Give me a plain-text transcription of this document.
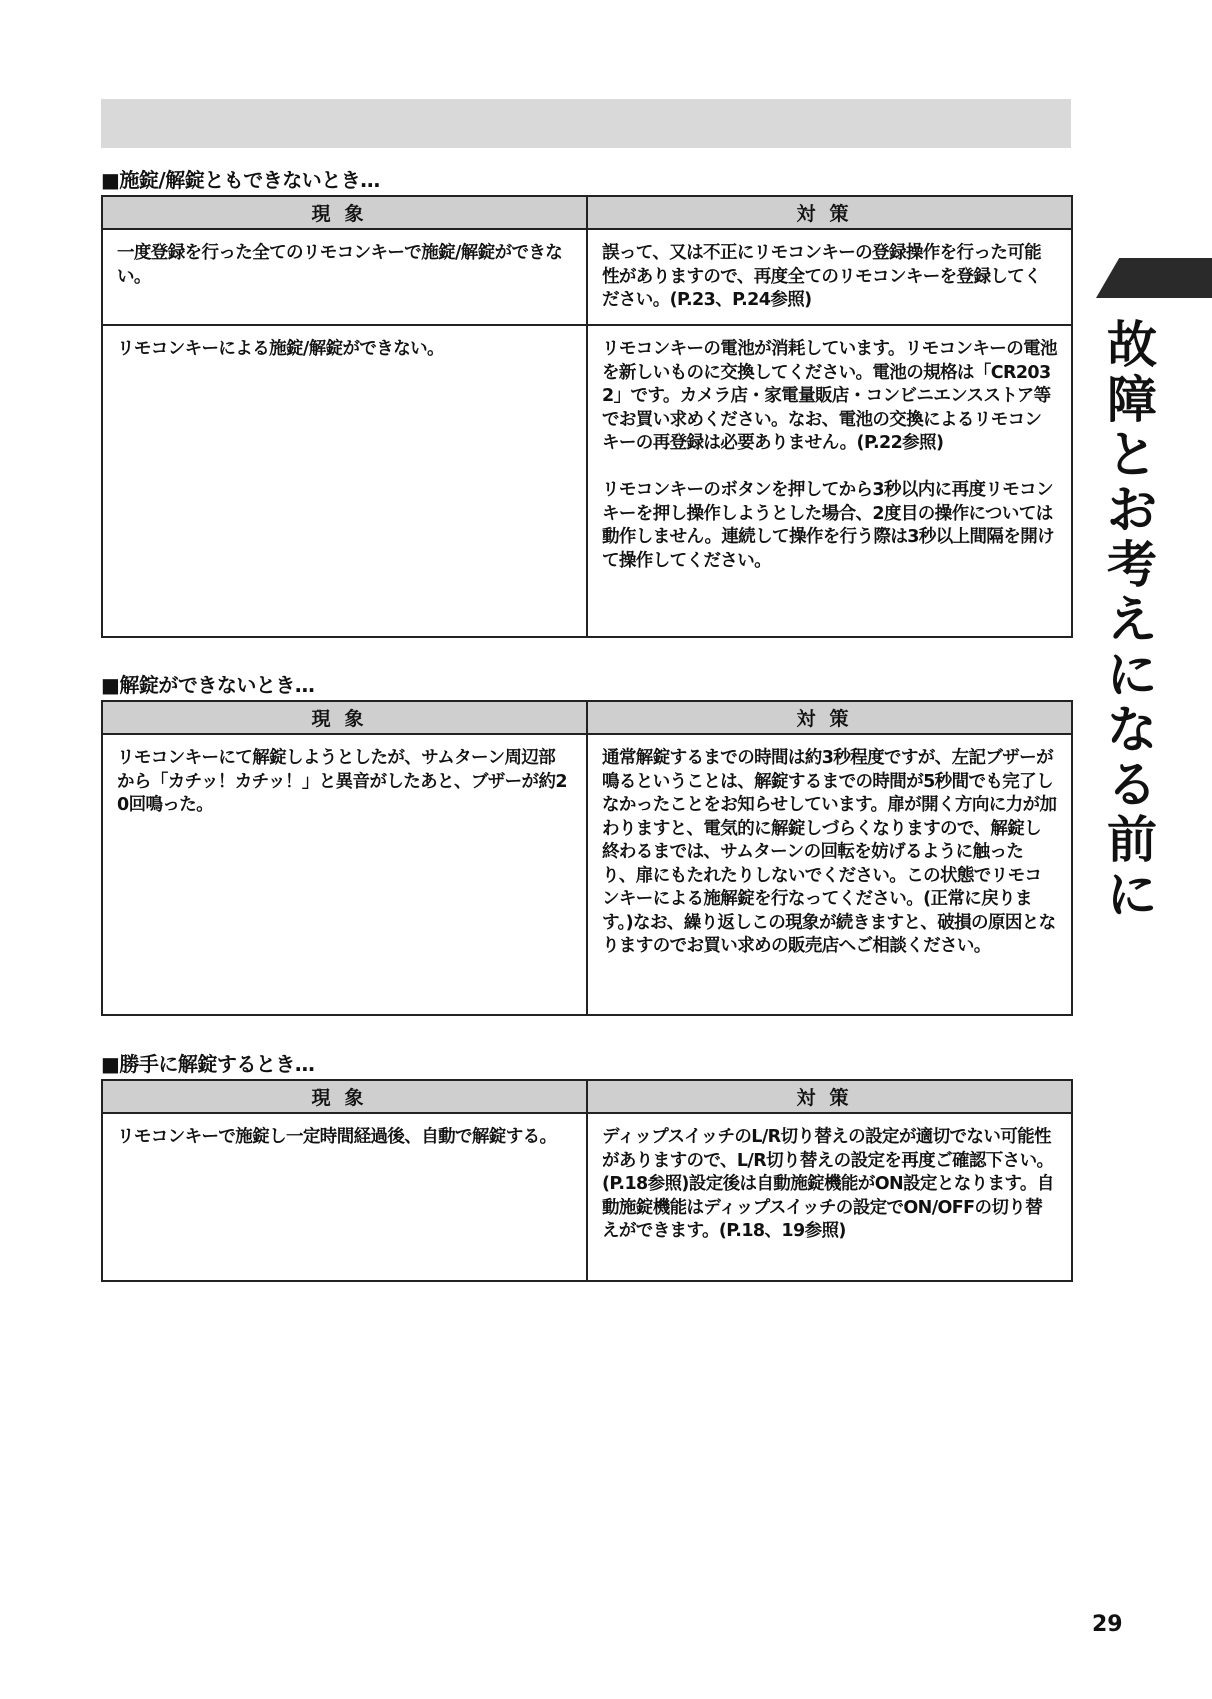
■施錠/解錠ともできないとき…
現象	対策
一度登録を行った全てのリモコンキーで施錠/解錠ができない。	誤って、又は不正にリモコンキーの登録操作を行った可能性がありますので、再度全てのリモコンキーを登録してください。(P.23、P.24参照)
リモコンキーによる施錠/解錠ができない。	リモコンキーの電池が消耗しています。リモコンキーの電池を新しいものに交換してください。電池の規格は「CR2032」です。カメラ店・家電量販店・コンビニエンスストア等でお買い求めください。なお、電池の交換によるリモコンキーの再登録は必要ありません。(P.22参照)
リモコンキーのボタンを押してから3秒以内に再度リモコンキーを押し操作しようとした場合、2度目の操作については動作しません。連続して操作を行う際は3秒以上間隔を開けて操作してください。
■解錠ができないとき…
現象	対策
リモコンキーにて解錠しようとしたが、サムターン周辺部から「カチッ！カチッ！」と異音がしたあと、ブザーが約20回鳴った。	通常解錠するまでの時間は約3秒程度ですが、左記ブザーが鳴るということは、解錠するまでの時間が5秒間でも完了しなかったことをお知らせしています。扉が開く方向に力が加わりますと、電気的に解錠しづらくなりますので、解錠し終わるまでは、サムターンの回転を妨げるように触ったり、扉にもたれたりしないでください。この状態でリモコンキーによる施解錠を行なってください。(正常に戻ります。)なお、繰り返しこの現象が続きますと、破損の原因となりますのでお買い求めの販売店へご相談ください。
■勝手に解錠するとき…
現象	対策
リモコンキーで施錠し一定時間経過後、自動で解錠する。	ディップスイッチのL/R切り替えの設定が適切でない可能性がありますので、L/R切り替えの設定を再度ご確認下さい。(P.18参照)設定後は自動施錠機能がON設定となります。自動施錠機能はディップスイッチの設定でON/OFFの切り替えができます。(P.18、19参照)
故障とお考えになる前に
29
